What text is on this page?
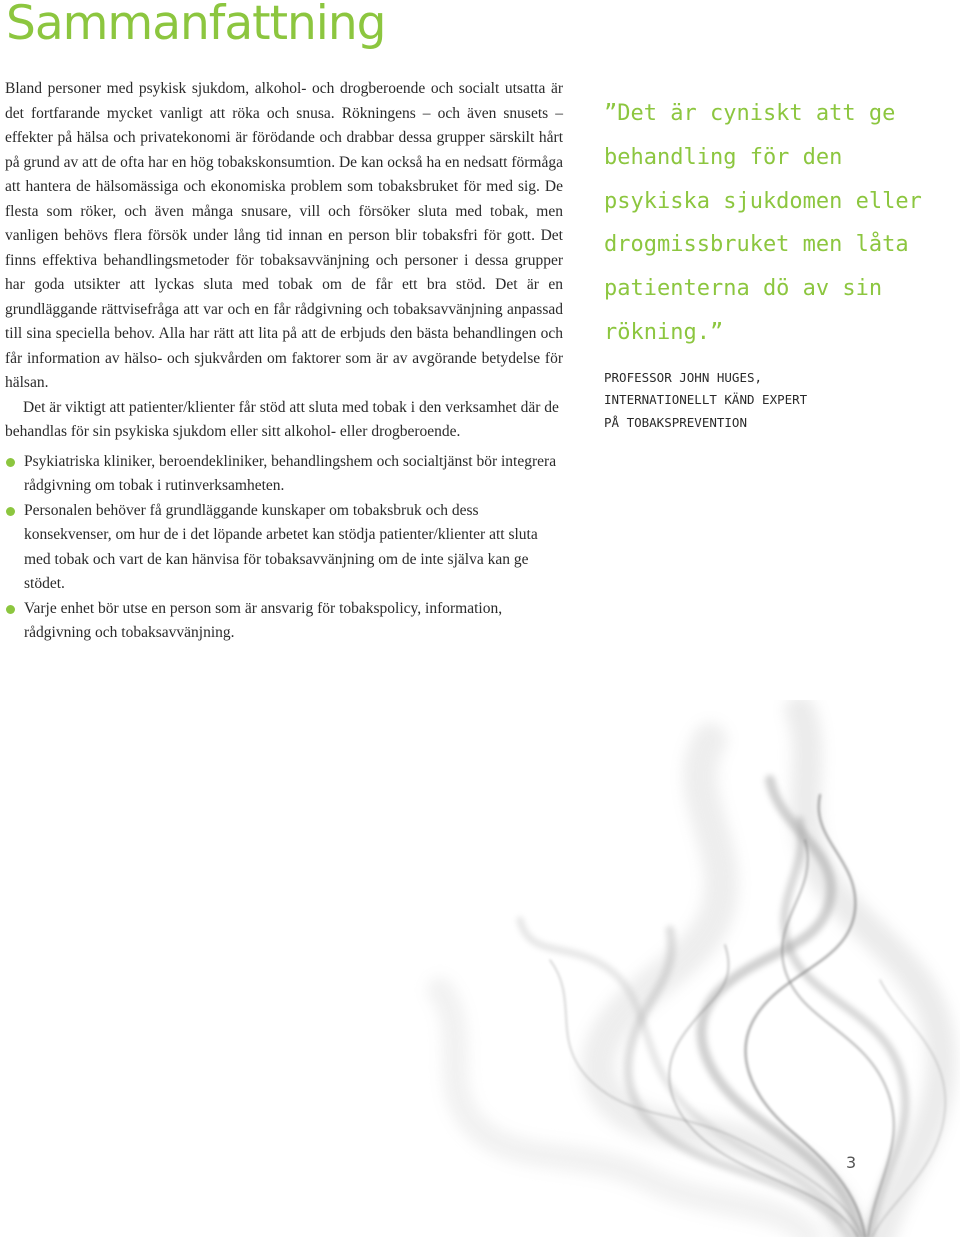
Sammanfattning

Bland personer med psykisk sjukdom, alkohol- och drogberoende och socialt utsatta är det fortfarande mycket vanligt att röka och snusa. Rökningens – och även snusets – effekter på hälsa och privatekonomi är förödande och drabbar dessa grupper särskilt hårt på grund av att de ofta har en hög tobakskonsumtion. De kan också ha en nedsatt förmåga att hantera de hälsomässiga och ekonomiska problem som tobaksbruket för med sig. De flesta som röker, och även många snusare, vill och försöker sluta med tobak, men vanligen behövs flera försök under lång tid innan en person blir tobaksfri för gott. Det finns effektiva behandlingsmetoder för tobaksavvänjning och personer i dessa grupper har goda utsikter att lyckas sluta med tobak om de får ett bra stöd. Det är en grundläggande rättvisefråga att var och en får rådgivning och tobaksavvänjning anpassad till sina speciella behov. Alla har rätt att lita på att de erbjuds den bästa behandlingen och får information av hälso- och sjukvården om faktorer som är av avgörande betydelse för hälsan.

Det är viktigt att patienter/klienter får stöd att sluta med tobak i den verksamhet där de behandlas för sin psykiska sjukdom eller sitt alkohol- eller drogberoende.

Psykiatriska kliniker, beroendekliniker, behandlingshem och socialtjänst bör integrera rådgivning om tobak i rutinverksamheten.
Personalen behöver få grundläggande kunskaper om tobaksbruk och dess konsekvenser, om hur de i det löpande arbetet kan stödja patienter/klienter att sluta med tobak och vart de kan hänvisa för tobaksavvänjning om de inte själva kan ge stödet.
Varje enhet bör utse en person som är ansvarig för tobakspolicy, information, rådgivning och tobaksavvänjning.

”Det är cyniskt att ge behandling för den psykiska sjukdomen eller drogmissbruket men låta patienterna dö av sin rökning.”

PROFESSOR JOHN HUGES,
INTERNATIONELLT KÄND EXPERT
PÅ TOBAKSPREVENTION

3
